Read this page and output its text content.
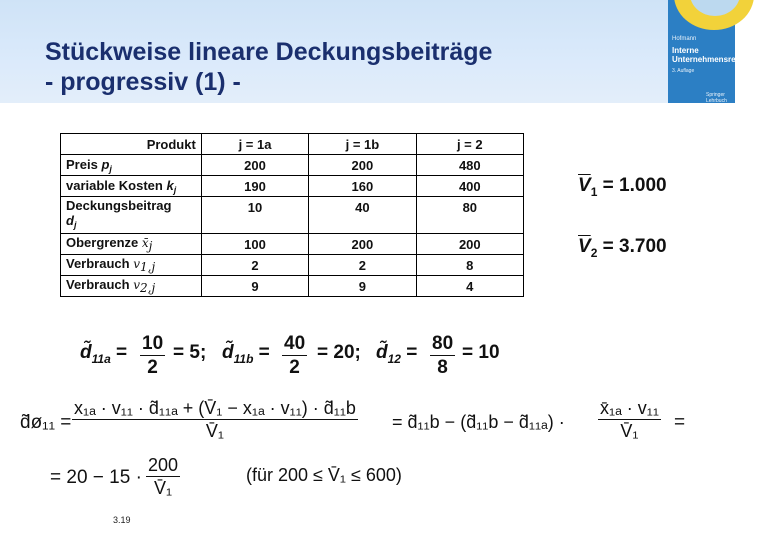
Stückweise lineare Deckungsbeiträge
- progressiv (1) -
Hofmann
Interne Unternehmensrechnung
3. Auflage
Springer Lehrbuch
Produkt	j = 1a	j = 1b	j = 2
Preis $p_j$	200	200	480
variable Kosten $k_j$	190	160	400
Deckungsbeitrag
$d_j$	10	40	80
Obergrenze x̄j	100	200	200
Verbrauch v1,j	2	2	8
Verbrauch v2,j	9	9	4
$\overline{V}_1 = 1.000$
$\overline{V}_2 = 3.700$
$d̃_{11a} = \frac{10}{2} = 5$; $d̃_{11b} = \frac{40}{2} = 20$; $d̃_{12} = \frac{80}{8} = 10$
d̃ø₁₁ = $\frac{\text{x₁ₐ · v₁₁ · d̃₁₁ₐ + (V̄₁ − x₁ₐ · v₁₁) · d̃₁₁b}}{\text{V̄₁}}$ = d̃₁₁b − (d̃₁₁b − d̃₁₁ₐ) · $\frac{\text{x̄₁ₐ · v₁₁}}{\text{V̄₁}}$ =
= $20 - 15 \cdot \frac{200}{\text{V̄₁}}$	(für 200 ≤ V̄₁ ≤ 600)
3.19
